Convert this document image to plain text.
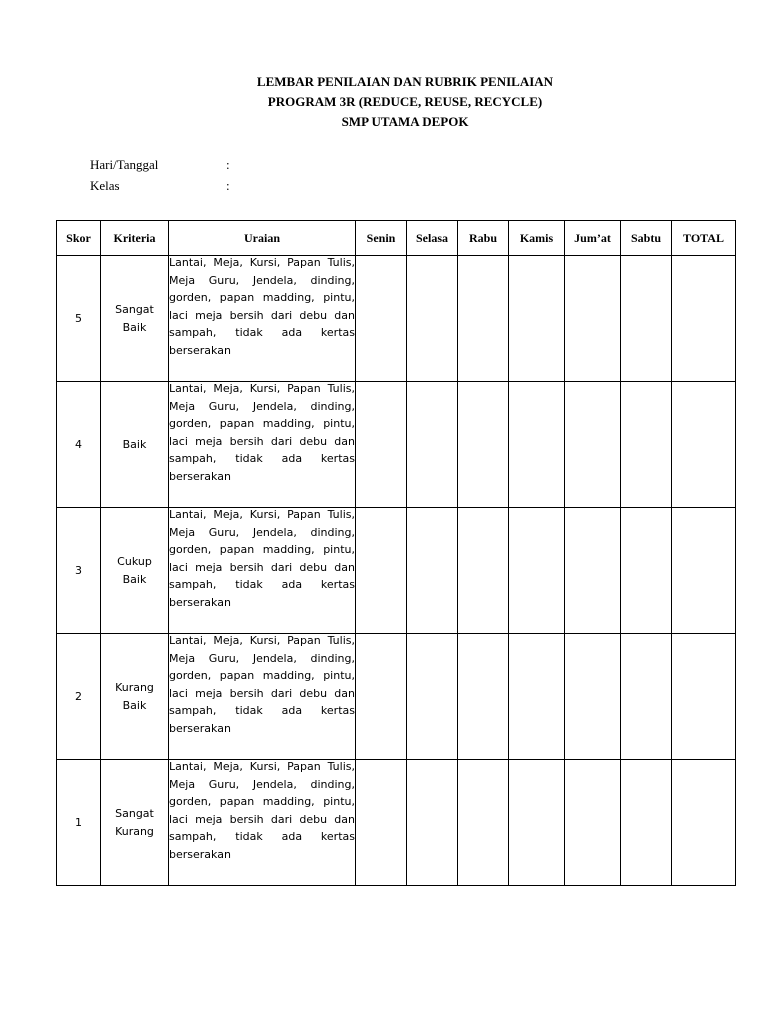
LEMBAR PENILAIAN DAN RUBRIK PENILAIAN
PROGRAM 3R (REDUCE, REUSE, RECYCLE)
SMP UTAMA DEPOK
Hari/Tanggal	:
Kelas	:
Skor	Kriteria	Uraian	Senin	Selasa	Rabu	Kamis	Jum’at	Sabtu	TOTAL
5	Sangat Baik	Lantai, Meja, Kursi, Papan Tulis, Meja Guru, Jendela, dinding, gorden, papan madding, pintu, laci meja bersih dari debu dan sampah, tidak ada kertas berserakan							

4	Baik	Lantai, Meja, Kursi, Papan Tulis, Meja Guru, Jendela, dinding, gorden, papan madding, pintu, laci meja bersih dari debu dan sampah, tidak ada kertas berserakan							

3	Cukup Baik	Lantai, Meja, Kursi, Papan Tulis, Meja Guru, Jendela, dinding, gorden, papan madding, pintu, laci meja bersih dari debu dan sampah, tidak ada kertas berserakan							

2	Kurang Baik	Lantai, Meja, Kursi, Papan Tulis, Meja Guru, Jendela, dinding, gorden, papan madding, pintu, laci meja bersih dari debu dan sampah, tidak ada kertas berserakan							

1	Sangat Kurang	Lantai, Meja, Kursi, Papan Tulis, Meja Guru, Jendela, dinding, gorden, papan madding, pintu, laci meja bersih dari debu dan sampah, tidak ada kertas berserakan							
